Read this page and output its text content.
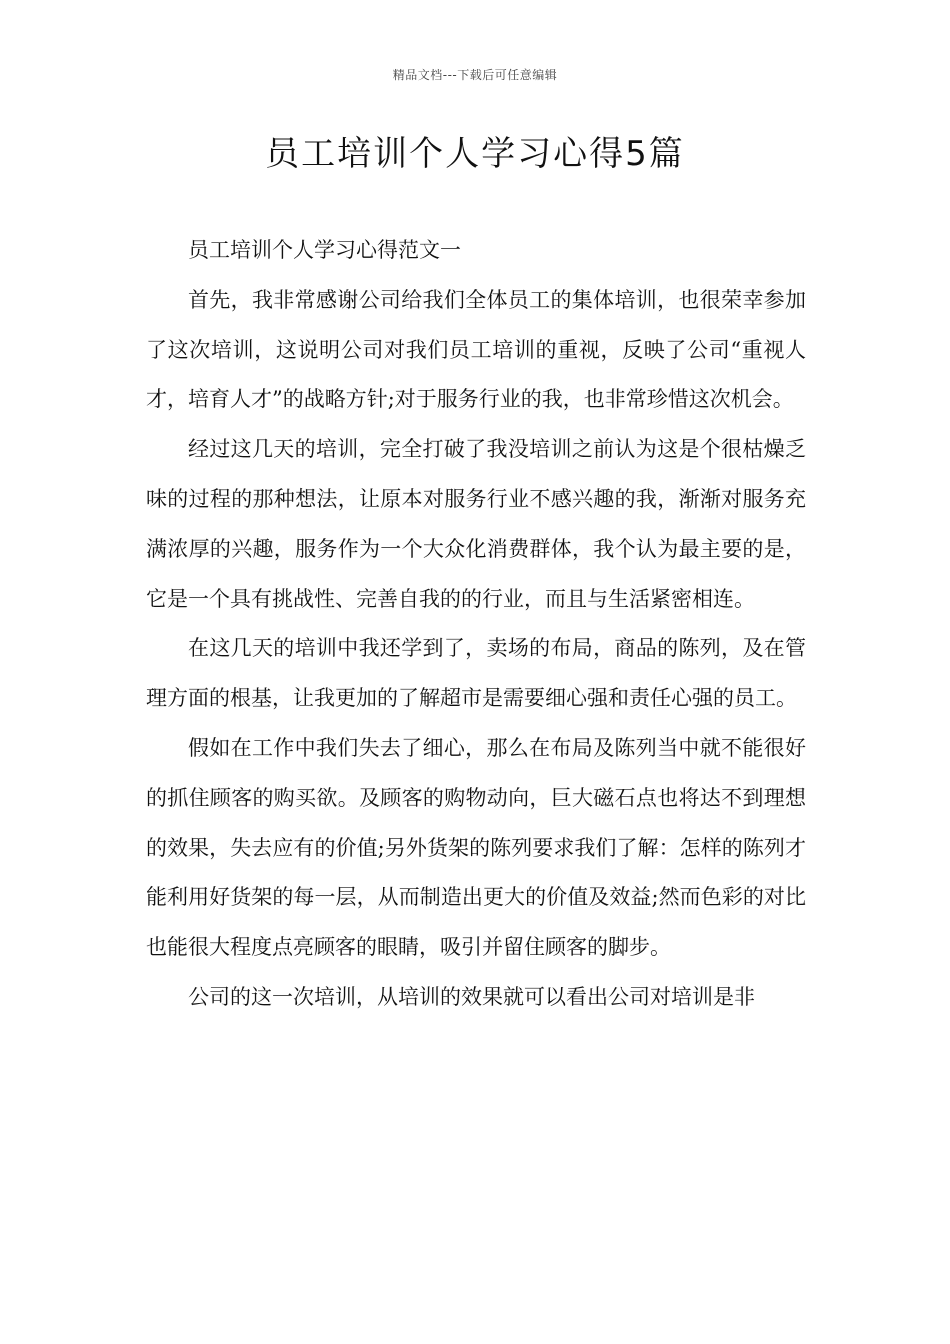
精品文档---下载后可任意编辑
员工培训个人学习心得5篇

员工培训个人学习心得范文一

首先，我非常感谢公司给我们全体员工的集体培训，也很荣幸参加了这次培训，这说明公司对我们员工培训的重视，反映了公司“重视人才，培育人才”的战略方针;对于服务行业的我，也非常珍惜这次机会。

经过这几天的培训，完全打破了我没培训之前认为这是个很枯燥乏味的过程的那种想法，让原本对服务行业不感兴趣的我，渐渐对服务充满浓厚的兴趣，服务作为一个大众化消费群体，我个认为最主要的是，它是一个具有挑战性、完善自我的的行业，而且与生活紧密相连。

在这几天的培训中我还学到了，卖场的布局，商品的陈列，及在管理方面的根基，让我更加的了解超市是需要细心强和责任心强的员工。

假如在工作中我们失去了细心，那么在布局及陈列当中就不能很好的抓住顾客的购买欲。及顾客的购物动向，巨大磁石点也将达不到理想的效果，失去应有的价值;另外货架的陈列要求我们了解：怎样的陈列才能利用好货架的每一层，从而制造出更大的价值及效益;然而色彩的对比也能很大程度点亮顾客的眼睛，吸引并留住顾客的脚步。

公司的这一次培训，从培训的效果就可以看出公司对培训是非
